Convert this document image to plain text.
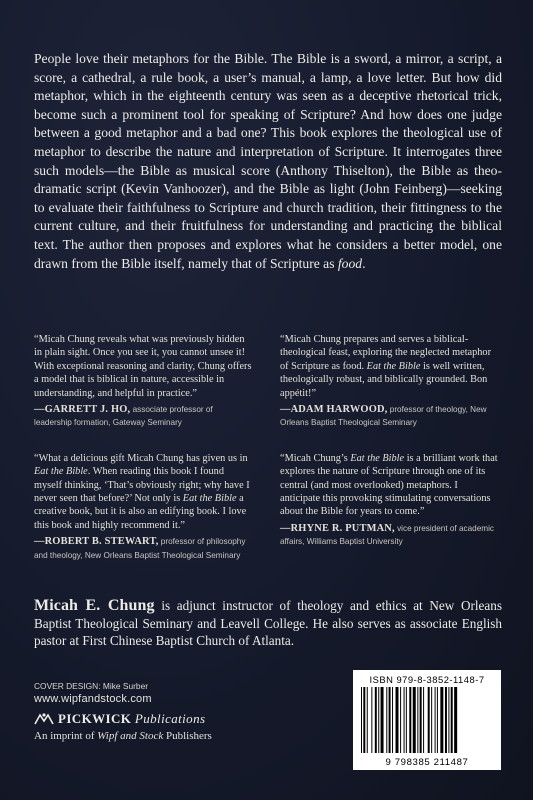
People love their metaphors for the Bible. The Bible is a sword, a mirror, a script, a score, a cathedral, a rule book, a user’s manual, a lamp, a love letter. But how did metaphor, which in the eighteenth century was seen as a deceptive rhetorical trick, become such a prominent tool for speaking of Scripture? And how does one judge between a good metaphor and a bad one? This book explores the theological use of metaphor to describe the nature and interpretation of Scripture. It interrogates three such models—the Bible as musical score (Anthony Thiselton), the Bible as theo-dramatic script (Kevin Vanhoozer), and the Bible as light (John Feinberg)—seeking to evaluate their faithfulness to Scripture and church tradition, their fittingness to the current culture, and their fruitfulness for understanding and practicing the biblical text. The author then proposes and explores what he considers a better model, one drawn from the Bible itself, namely that of Scripture as food.

“Micah Chung reveals what was previously hidden in plain sight. Once you see it, you cannot unsee it! With exceptional reasoning and clarity, Chung offers a model that is biblical in nature, accessible in understanding, and helpful in practice.”

—GARRETT J. HO, associate professor of leadership formation, Gateway Seminary

“Micah Chung prepares and serves a biblical-theological feast, exploring the neglected metaphor of Scripture as food. Eat the Bible is well written, theologically robust, and biblically grounded. Bon appétit!”

—ADAM HARWOOD, professor of theology, New Orleans Baptist Theological Seminary

“What a delicious gift Micah Chung has given us in Eat the Bible. When reading this book I found myself thinking, ‘That’s obviously right; why have I never seen that before?’ Not only is Eat the Bible a creative book, but it is also an edifying book. I love this book and highly recommend it.”

—ROBERT B. STEWART, professor of philosophy and theology, New Orleans Baptist Theological Seminary

“Micah Chung’s Eat the Bible is a brilliant work that explores the nature of Scripture through one of its central (and most overlooked) metaphors. I anticipate this provoking stimulating conversations about the Bible for years to come.”

—RHYNE R. PUTMAN, vice president of academic affairs, Williams Baptist University

Micah E. Chung is adjunct instructor of theology and ethics at New Orleans Baptist Theological Seminary and Leavell College. He also serves as associate English pastor at First Chinese Baptist Church of Atlanta.

COVER DESIGN: Mike Surber
www.wipfandstock.com
PICKWICK Publications
An imprint of Wipf and Stock Publishers
ISBN 979-8-3852-1148-7
9 798385 211487
